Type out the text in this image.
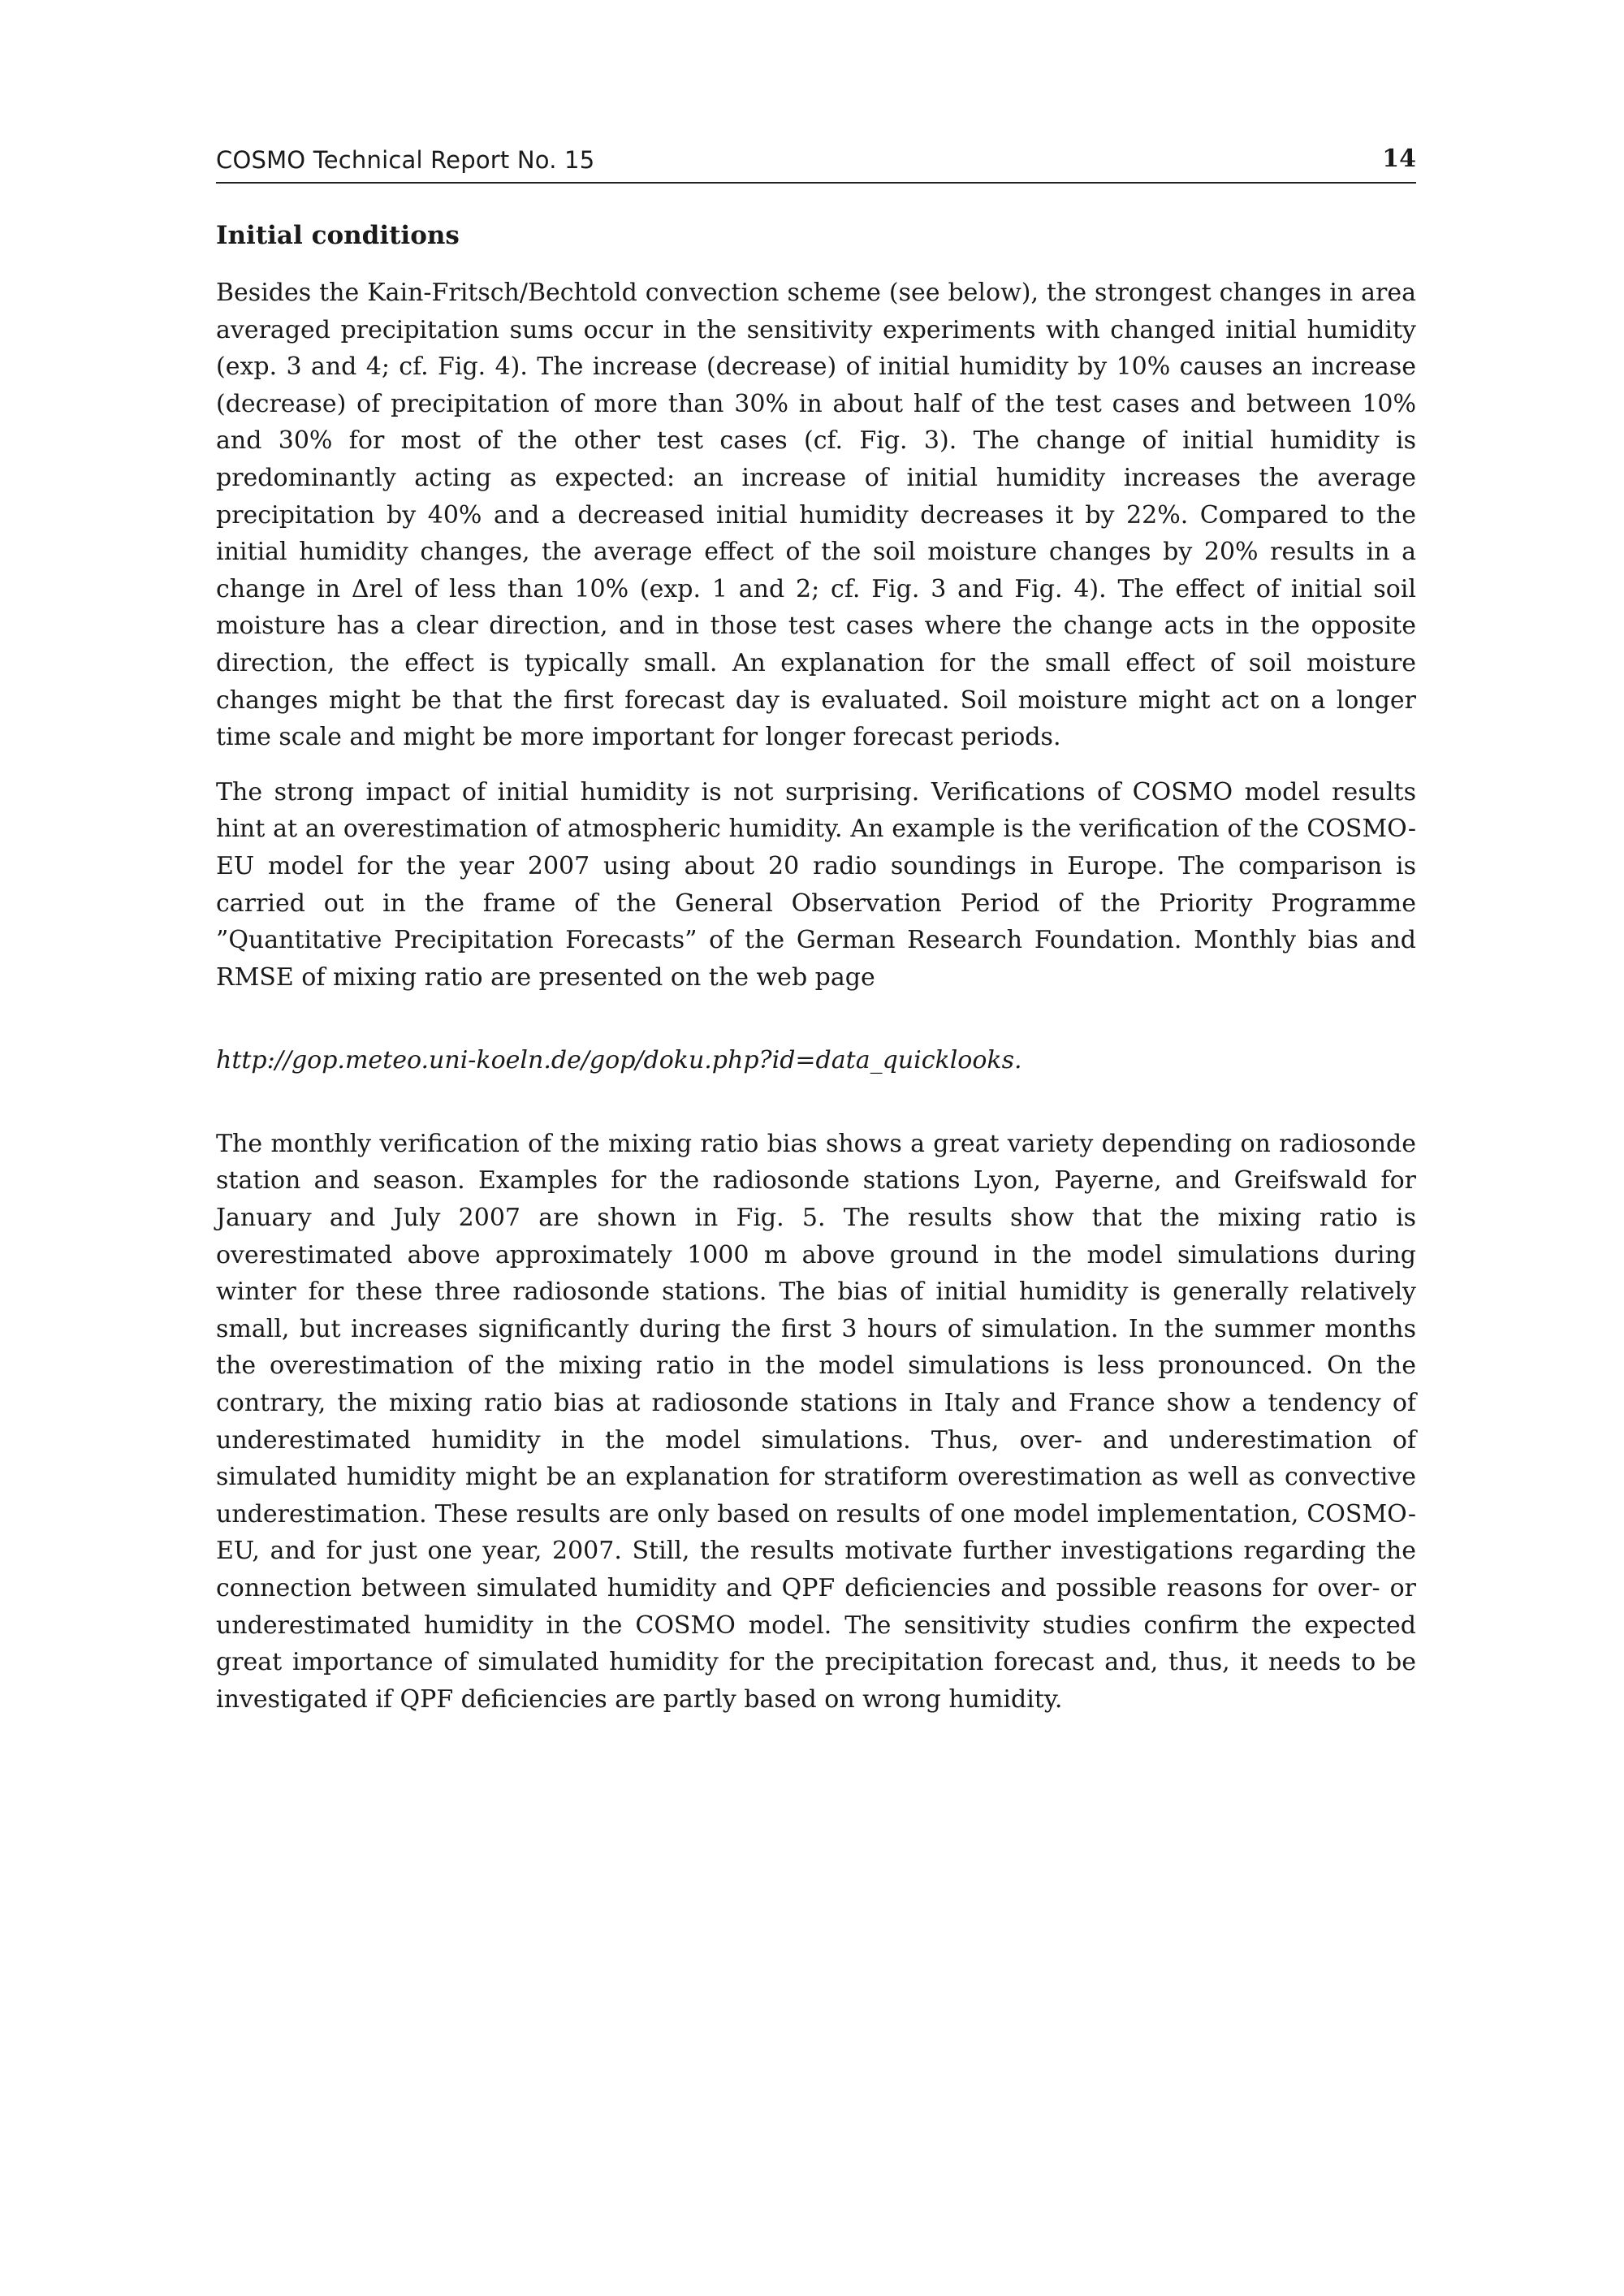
COSMO Technical Report No. 15	14
Initial conditions

Besides the Kain-Fritsch/Bechtold convection scheme (see below), the strongest changes in area averaged precipitation sums occur in the sensitivity experiments with changed initial humidity (exp. 3 and 4; cf. Fig. 4). The increase (decrease) of initial humidity by 10% causes an increase (decrease) of precipitation of more than 30% in about half of the test cases and between 10% and 30% for most of the other test cases (cf. Fig. 3). The change of initial humidity is predominantly acting as expected: an increase of initial humidity increases the average precipitation by 40% and a decreased initial humidity decreases it by 22%. Compared to the initial humidity changes, the average effect of the soil moisture changes by 20% results in a change in Δrel of less than 10% (exp. 1 and 2; cf. Fig. 3 and Fig. 4). The effect of initial soil moisture has a clear direction, and in those test cases where the change acts in the opposite direction, the effect is typically small. An explanation for the small effect of soil moisture changes might be that the first forecast day is evaluated. Soil moisture might act on a longer time scale and might be more important for longer forecast periods.

The strong impact of initial humidity is not surprising. Verifications of COSMO model results hint at an overestimation of atmospheric humidity. An example is the verification of the COSMO-EU model for the year 2007 using about 20 radio soundings in Europe. The comparison is carried out in the frame of the General Observation Period of the Priority Programme ”Quantitative Precipitation Forecasts” of the German Research Foundation. Monthly bias and RMSE of mixing ratio are presented on the web page

http://gop.meteo.uni-koeln.de/gop/doku.php?id=data_quicklooks.

The monthly verification of the mixing ratio bias shows a great variety depending on radiosonde station and season. Examples for the radiosonde stations Lyon, Payerne, and Greifswald for January and July 2007 are shown in Fig. 5. The results show that the mixing ratio is overestimated above approximately 1000 m above ground in the model simulations during winter for these three radiosonde stations. The bias of initial humidity is generally relatively small, but increases significantly during the first 3 hours of simulation. In the summer months the overestimation of the mixing ratio in the model simulations is less pronounced. On the contrary, the mixing ratio bias at radiosonde stations in Italy and France show a tendency of underestimated humidity in the model simulations. Thus, over- and underestimation of simulated humidity might be an explanation for stratiform overestimation as well as convective underestimation. These results are only based on results of one model implementation, COSMO-EU, and for just one year, 2007. Still, the results motivate further investigations regarding the connection between simulated humidity and QPF deficiencies and possible reasons for over- or underestimated humidity in the COSMO model. The sensitivity studies confirm the expected great importance of simulated humidity for the precipitation forecast and, thus, it needs to be investigated if QPF deficiencies are partly based on wrong humidity.
